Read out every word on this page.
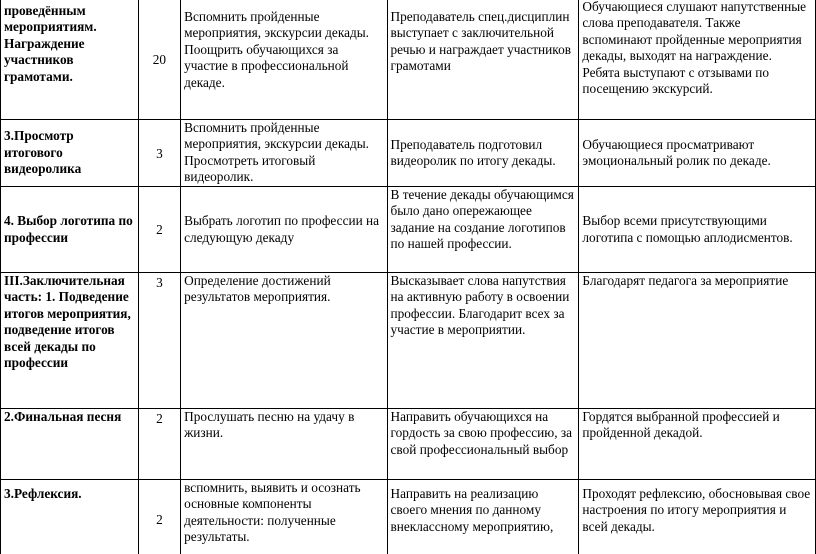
проведённым мероприятиям. Награждение участников грамотами.	20	Вспомнить пройденные мероприятия, экскурсии декады. Поощрить обучающихся за участие в профессиональной декаде.	Преподаватель спец.дисциплин выступает с заключительной речью и награждает участников грамотами	Обучающиеся слушают напутственные слова преподавателя. Также вспоминают пройденные мероприятия декады, выходят на награждение. Ребята выступают с отзывами по посещению экскурсий.
3.Просмотр итогового видеоролика	3	Вспомнить пройденные мероприятия, экскурсии декады. Просмотреть итоговый видеоролик.	Преподаватель подготовил видеоролик по итогу декады.	Обучающиеся просматривают эмоциональный ролик по декаде.
4. Выбор логотипа по профессии	2	Выбрать логотип по профессии на следующую декаду	В течение декады обучающимся было дано опережающее задание на создание логотипов по нашей профессии.	Выбор всеми присутствующими логотипа с помощью аплодисментов.
III.Заключительная часть: 1. Подведение итогов мероприятия, подведение итогов всей декады по профессии	3	Определение достижений результатов мероприятия.	Высказывает слова напутствия на активную работу в освоении профессии. Благодарит всех за участие в мероприятии.	Благодарят педагога за мероприятие
2.Финальная песня	2	Прослушать песню на удачу в жизни.	Направить обучающихся на гордость за свою профессию, за свой профессиональный выбор	Гордятся выбранной профессией и пройденной декадой.
3.Рефлексия.	2	вспомнить, выявить и осознать основные компоненты деятельности: полученные результаты.	Направить на реализацию своего мнения по данному внеклассному мероприятию,	Проходят рефлексию, обосновывая свое настроения по итогу мероприятия и всей декады.
